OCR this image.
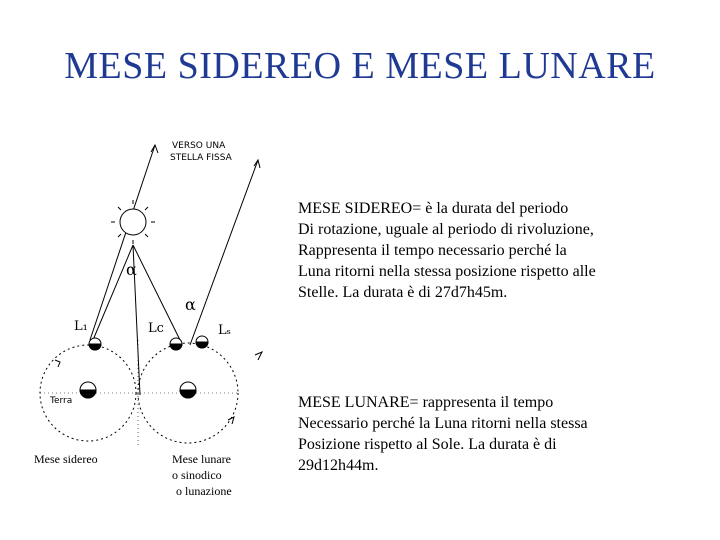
MESE SIDEREO E MESE LUNARE
VERSO UNA
STELLA FISSA
α
α
L₁	Lc	Lₛ
Terra
Mese sidereo	Mese lunare
o sinodico
o lunazione
MESE SIDEREO= è la durata del periodo
Di rotazione, uguale al periodo di rivoluzione,
Rappresenta il tempo necessario perché la
Luna ritorni nella stessa posizione rispetto alle
Stelle. La durata è di 27d7h45m.
MESE LUNARE= rappresenta il tempo
Necessario perché la Luna ritorni nella stessa
Posizione rispetto al Sole. La durata è di
29d12h44m.
